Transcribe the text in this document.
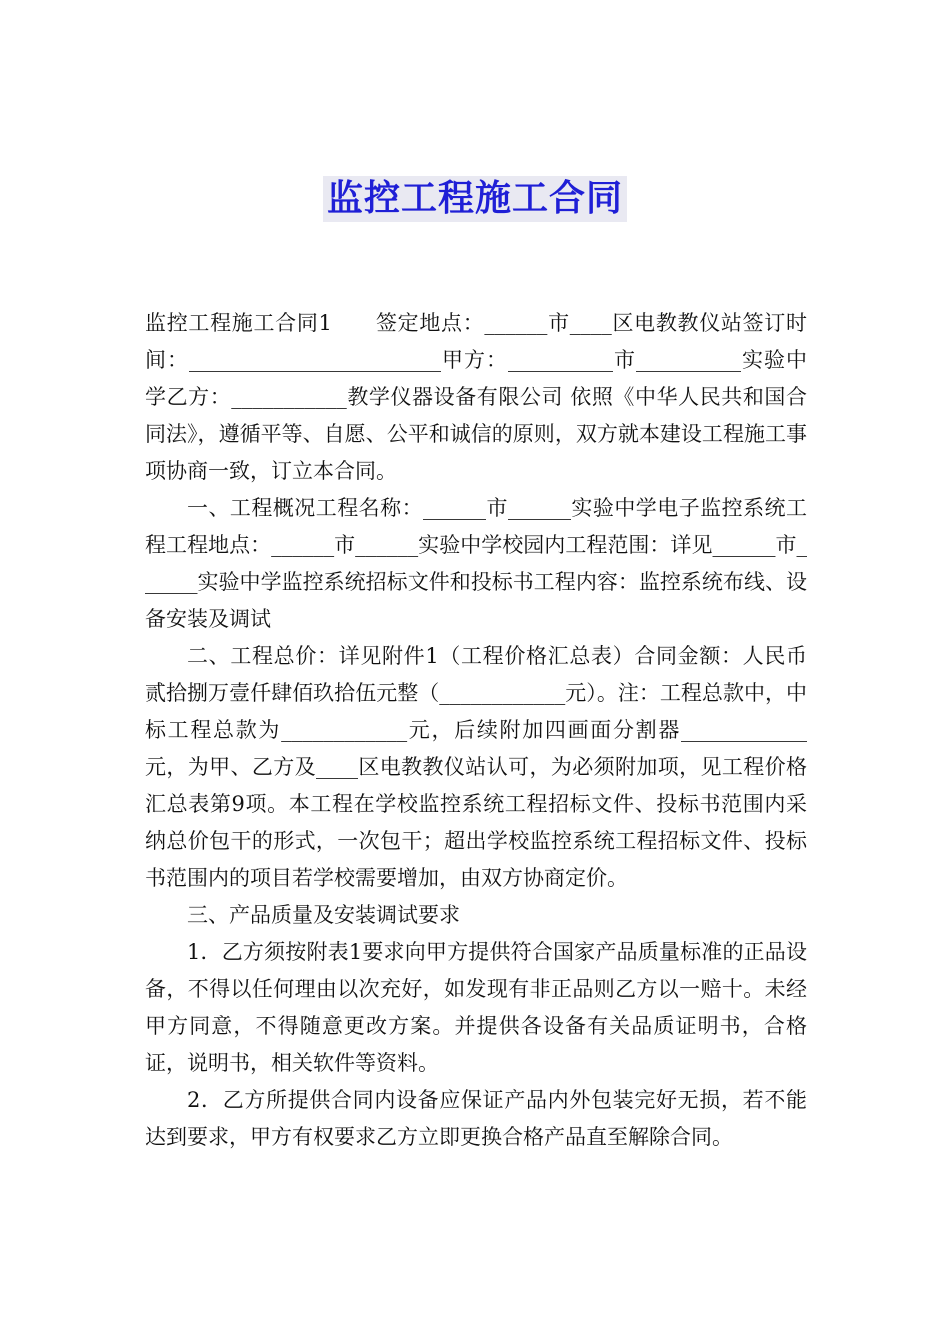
监控工程施工合同

监控工程施工合同1　　签定地点：______市____区电教教仪站签订时间：________________________甲方：__________市__________实验中学乙方：___________教学仪器设备有限公司 依照《中华人民共和国合同法》，遵循平等、自愿、公平和诚信的原则，双方就本建设工程施工事项协商一致，订立本合同。

一、工程概况工程名称：______市______实验中学电子监控系统工程工程地点：______市______实验中学校园内工程范围：详见______市______实验中学监控系统招标文件和投标书工程内容：监控系统布线、设备安装及调试

二、工程总价：详见附件1（工程价格汇总表）合同金额：人民币贰拾捌万壹仟肆佰玖拾伍元整（____________元）。注：工程总款中，中标工程总款为____________元，后续附加四画面分割器____________元，为甲、乙方及____区电教教仪站认可，为必须附加项，见工程价格汇总表第9项。本工程在学校监控系统工程招标文件、投标书范围内采纳总价包干的形式，一次包干；超出学校监控系统工程招标文件、投标书范围内的项目若学校需要增加，由双方协商定价。

三、产品质量及安装调试要求

1．乙方须按附表1要求向甲方提供符合国家产品质量标准的正品设备，不得以任何理由以次充好，如发现有非正品则乙方以一赔十。未经甲方同意，不得随意更改方案。并提供各设备有关品质证明书，合格证，说明书，相关软件等资料。

2．乙方所提供合同内设备应保证产品内外包装完好无损，若不能达到要求，甲方有权要求乙方立即更换合格产品直至解除合同。
